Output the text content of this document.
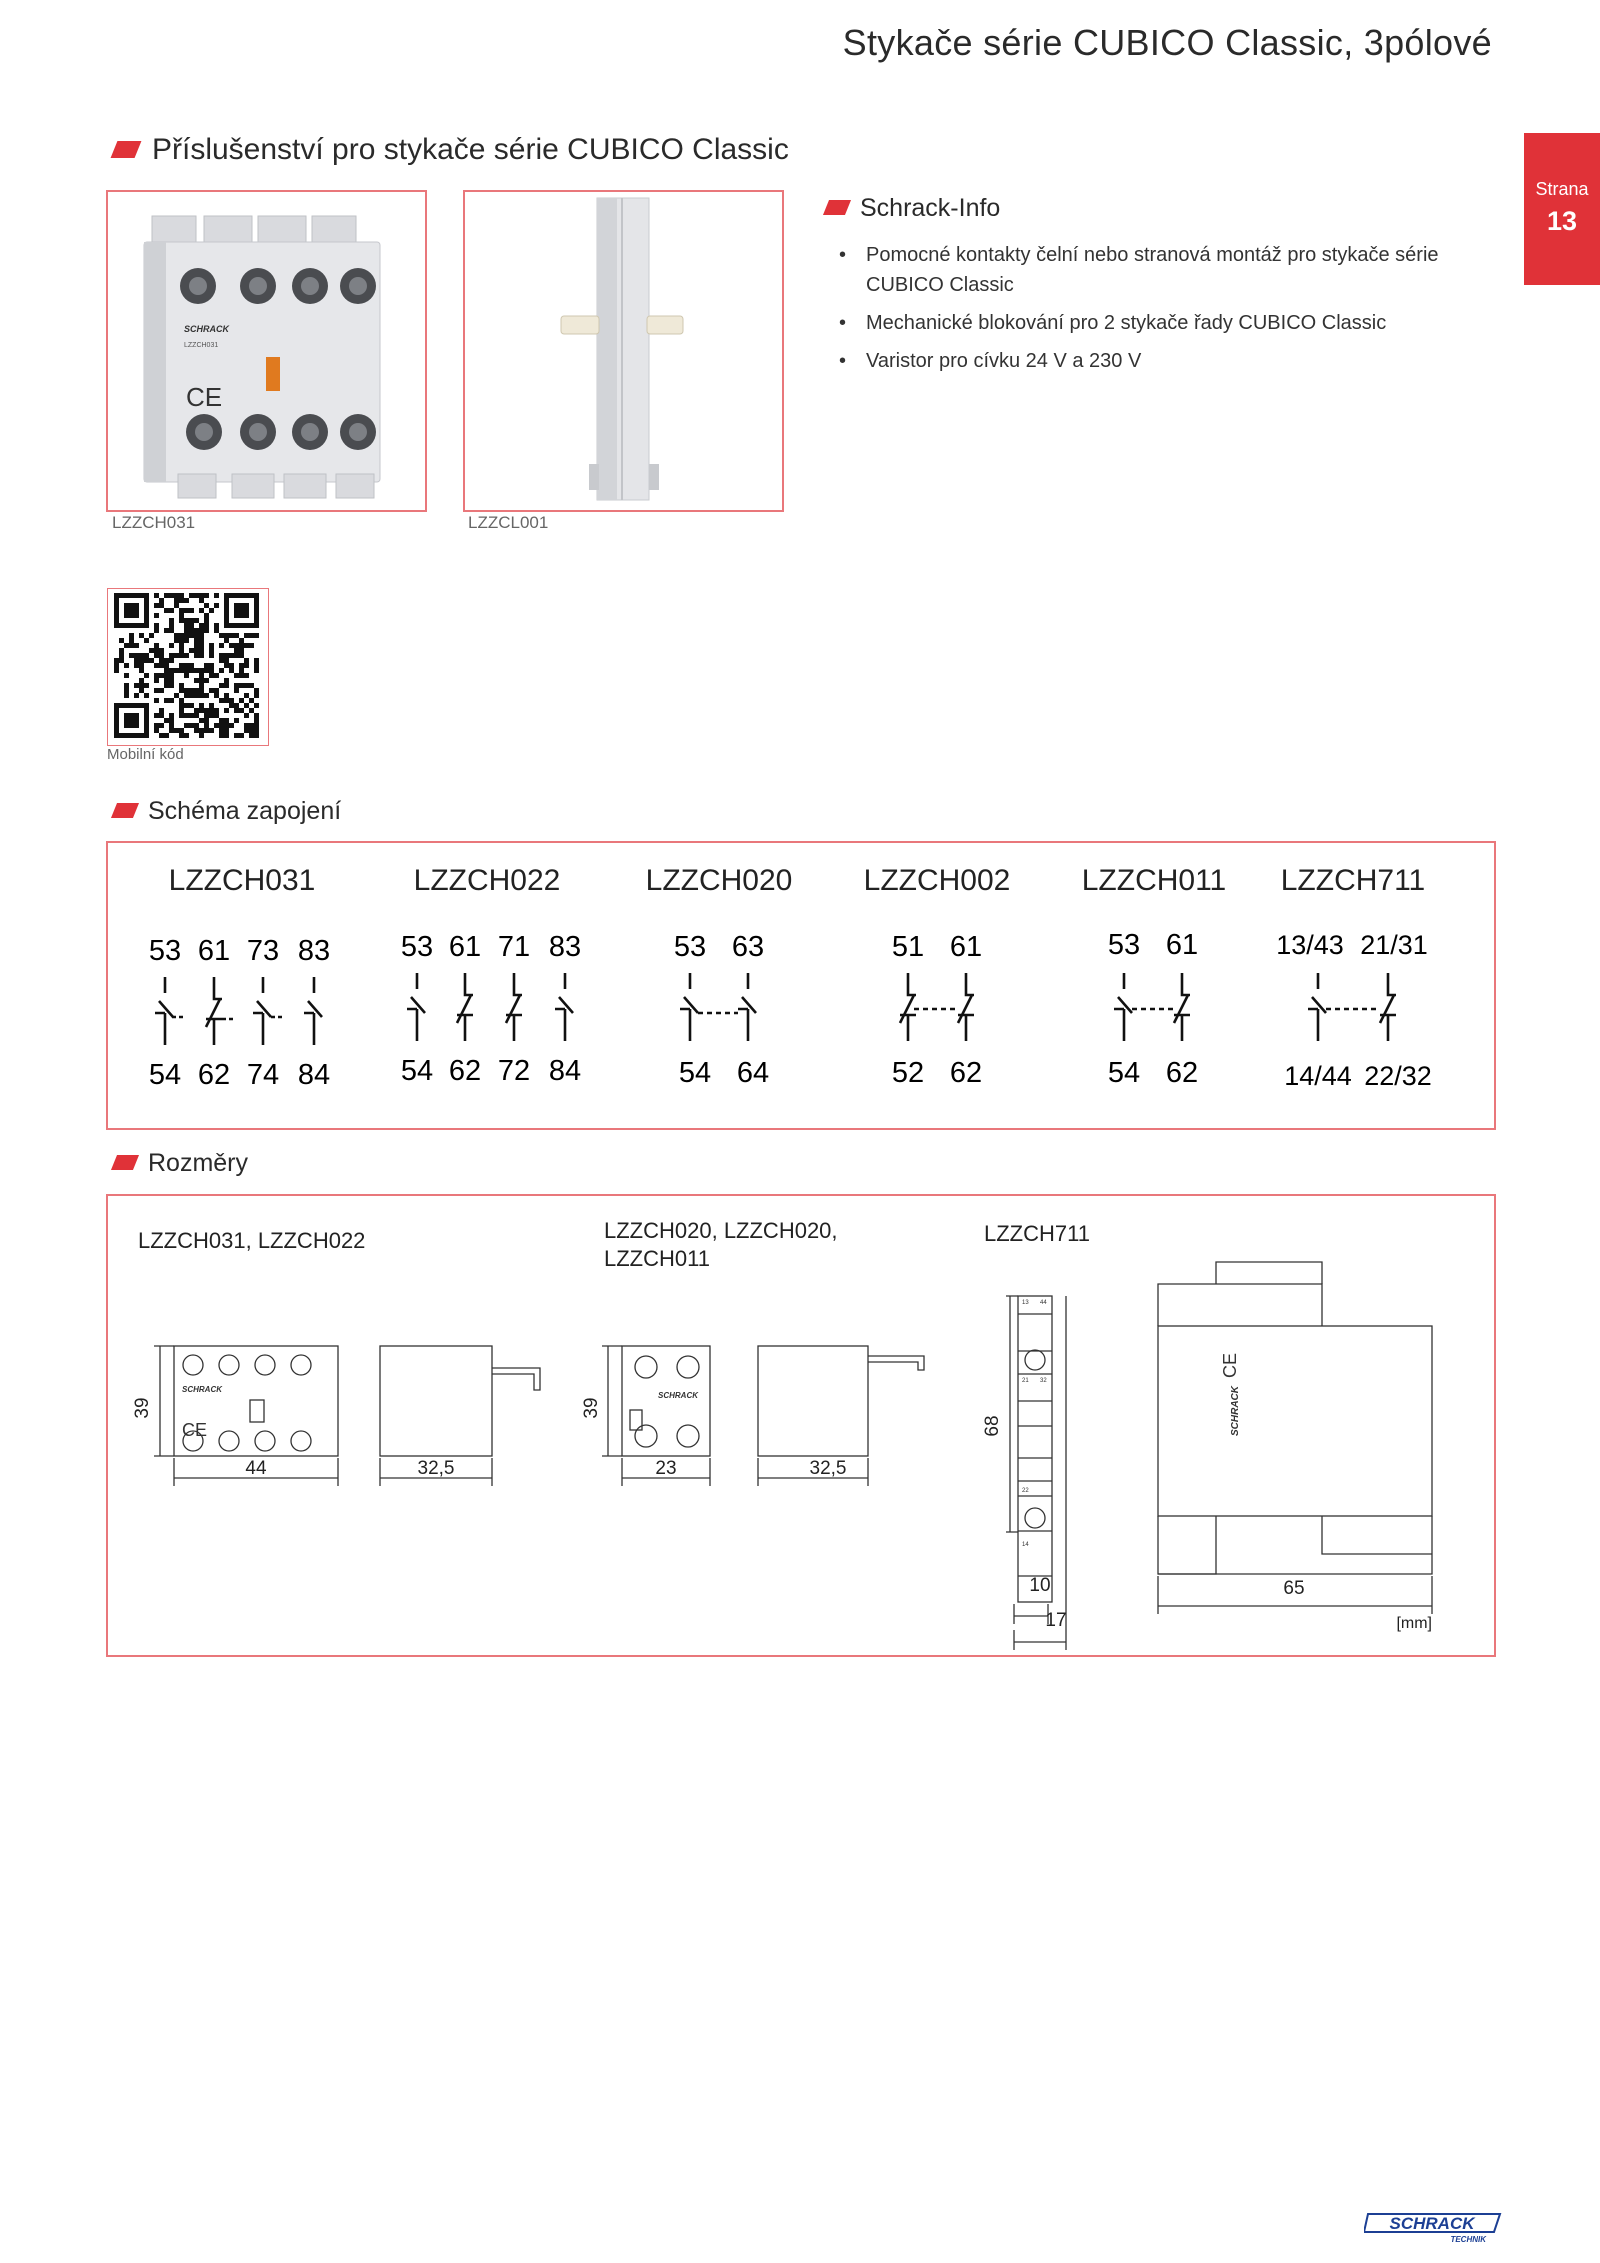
Stykače série CUBICO Classic, 3pólové
Strana
13
Příslušenství pro stykače série CUBICO Classic
SCHRACK
LZZCH031
CE
LZZCH031	LZZCL001
Schrack-Info
• Pomocné kontakty čelní nebo stranová montáž pro stykače série CUBICO Classic
• Mechanické blokování pro 2 stykače řady CUBICO Classic
• Varistor pro cívku 24 V a 230 V
Mobilní kód
Schéma zapojení
LZZCH031	LZZCH022	LZZCH020 LZZCH002 LZZCH011 LZZCH711
53 61 73 83
54 62 74 84
53 61 71 83
54 62 72 84
53 63
54 64
51 61
52 62
53 61
54 62
13/43 21/31
14/44 22/32
Rozměry
LZZCH031, LZZCH022	LZZCH020, LZZCH020,
LZZCH011
LZZCH711
39
44	32,5
39
23	32,5
68
10
17
65
SCHRACK
CE
SCHRACK	SCHRACK
CE
13 44
21 32
22
14
[mm]
SCHRACK
TECHNIK
